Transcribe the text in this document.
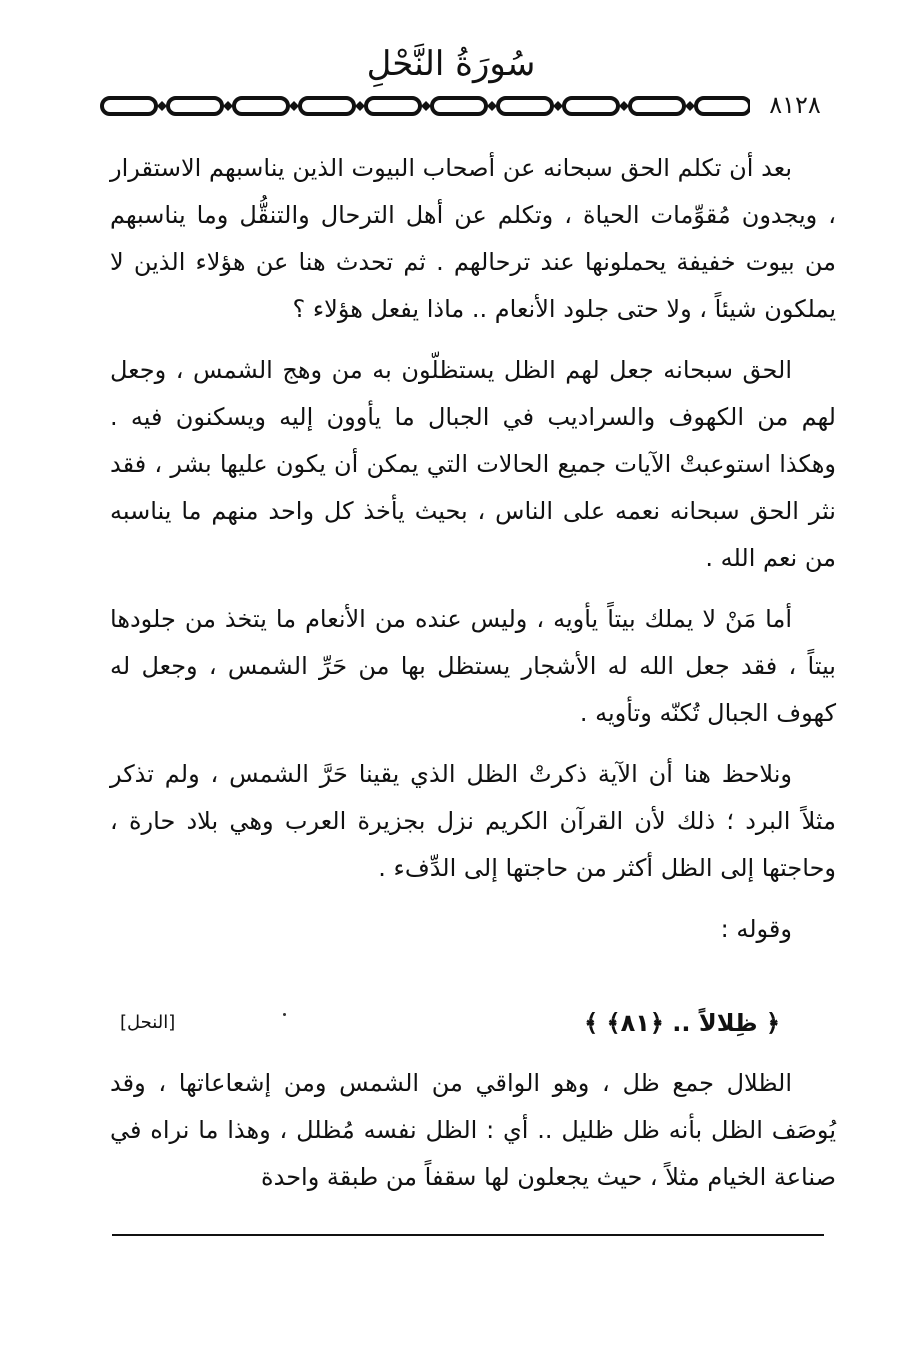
سُورَةُ النَّحْلِ
٨١٢٨

بعد أن تكلم الحق سبحانه عن أصحاب البيوت الذين يناسبهم الاستقرار ، ويجدون مُقوِّمات الحياة ، وتكلم عن أهل الترحال والتنقُّل وما يناسبهم من بيوت خفيفة يحملونها عند ترحالهم . ثم تحدث هنا عن هؤلاء الذين لا يملكون شيئاً ، ولا حتى جلود الأنعام .. ماذا يفعل هؤلاء ؟

الحق سبحانه جعل لهم الظل يستظلّون به من وهج الشمس ، وجعل لهم من الكهوف والسراديب في الجبال ما يأوون إليه ويسكنون فيه . وهكذا استوعبتْ الآيات جميع الحالات التي يمكن أن يكون عليها بشر ، فقد نثر الحق سبحانه نعمه على الناس ، بحيث يأخذ كل واحد منهم ما يناسبه من نعم الله .

أما مَنْ لا يملك بيتاً يأويه ، وليس عنده من الأنعام ما يتخذ من جلودها بيتاً ، فقد جعل الله له الأشجار يستظل بها من حَرِّ الشمس ، وجعل له كهوف الجبال تُكنّه وتأويه .

ونلاحظ هنا أن الآية ذكرتْ الظل الذي يقينا حَرَّ الشمس ، ولم تذكر مثلاً البرد ؛ ذلك لأن القرآن الكريم نزل بجزيرة العرب وهي بلاد حارة ، وحاجتها إلى الظل أكثر من حاجتها إلى الدِّفء .

وقوله :

﴿ ظِلالاً .. ﴿٨١﴾ ﴾
[النحل]

الظلال جمع ظل ، وهو الواقي من الشمس ومن إشعاعاتها ، وقد يُوصَف الظل بأنه ظل ظليل .. أي : الظل نفسه مُظلل ، وهذا ما نراه في صناعة الخيام مثلاً ، حيث يجعلون لها سقفاً من طبقة واحدة
